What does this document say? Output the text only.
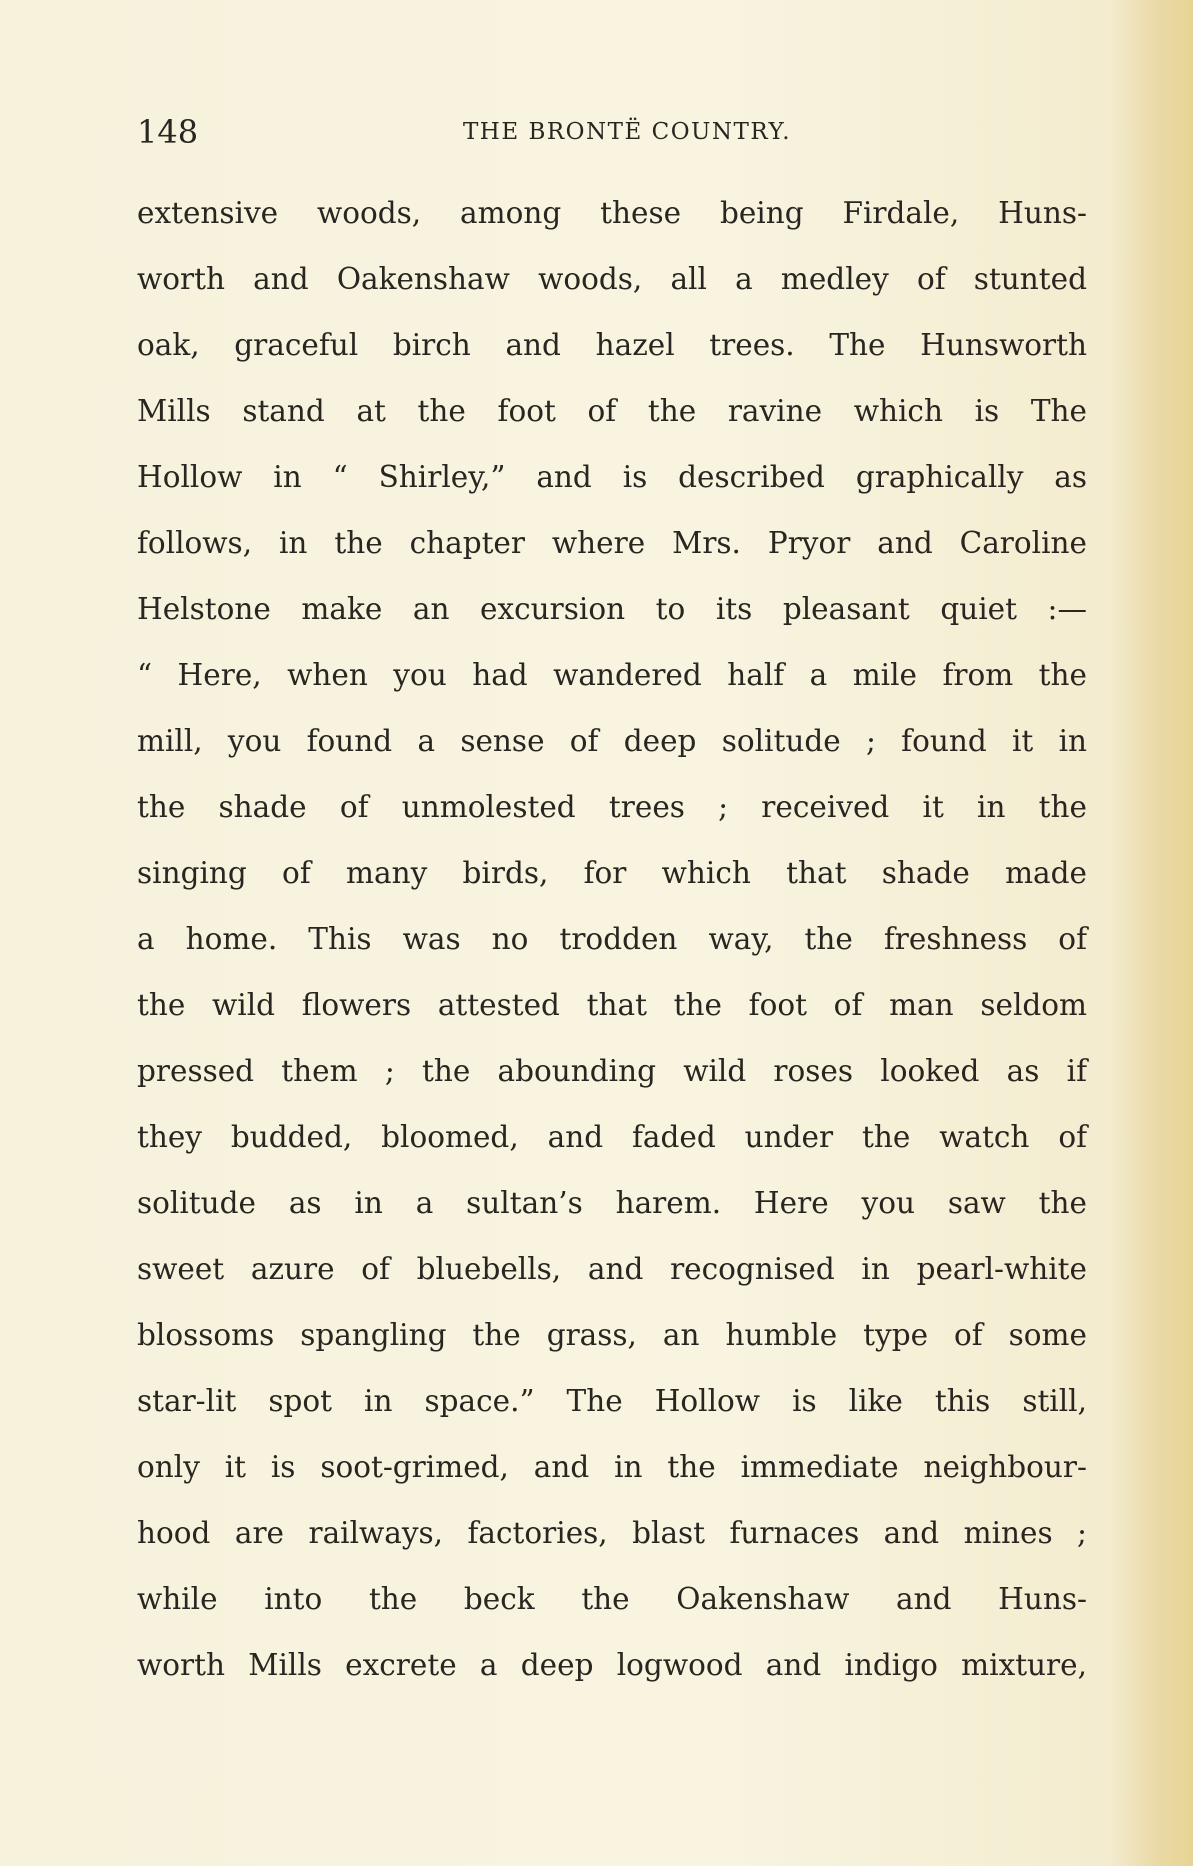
148	THE BRONTË COUNTRY.
extensive woods, among these being Firdale, Huns-
worth and Oakenshaw woods, all a medley of stunted
oak, graceful birch and hazel trees. The Hunsworth
Mills stand at the foot of the ravine which is The
Hollow in “ Shirley,” and is described graphically as
follows, in the chapter where Mrs. Pryor and Caroline
Helstone make an excursion to its pleasant quiet :—
“ Here, when you had wandered half a mile from the
mill, you found a sense of deep solitude ; found it in
the shade of unmolested trees ; received it in the
singing of many birds, for which that shade made
a home. This was no trodden way, the freshness of
the wild flowers attested that the foot of man seldom
pressed them ; the abounding wild roses looked as if
they budded, bloomed, and faded under the watch of
solitude as in a sultan’s harem. Here you saw the
sweet azure of bluebells, and recognised in pearl-white
blossoms spangling the grass, an humble type of some
star-lit spot in space.” The Hollow is like this still,
only it is soot-grimed, and in the immediate neighbour-
hood are railways, factories, blast furnaces and mines ;
while into the beck the Oakenshaw and Huns-
worth Mills excrete a deep logwood and indigo mixture,
